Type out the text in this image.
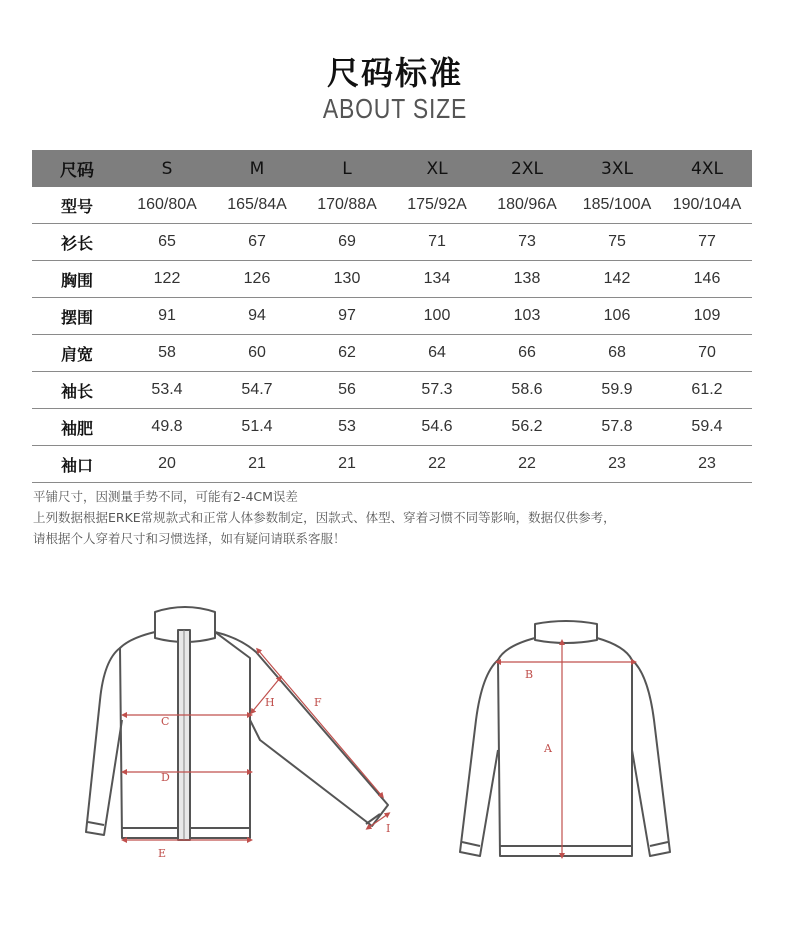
尺码标准
ABOUT SIZE
尺码	S	M	L	XL	2XL	3XL	4XL
型号	160/80A	165/84A	170/88A	175/92A	180/96A	185/100A	190/104A
衫长	65	67	69	71	73	75	77
胸围	122	126	130	134	138	142	146
摆围	91	94	97	100	103	106	109
肩宽	58	60	62	64	66	68	70
袖长	53.4	54.7	56	57.3	58.6	59.9	61.2
袖肥	49.8	51.4	53	54.6	56.2	57.8	59.4
袖口	20	21	21	22	22	23	23
平铺尺寸，因测量手势不同，可能有2-4CM误差
上列数据根据ERKE常规款式和正常人体参数制定，因款式、体型、穿着习惯不同等影响，数据仅供参考，
请根据个人穿着尺寸和习惯选择，如有疑问请联系客服！
C
D
E
H	F
I
B
A
